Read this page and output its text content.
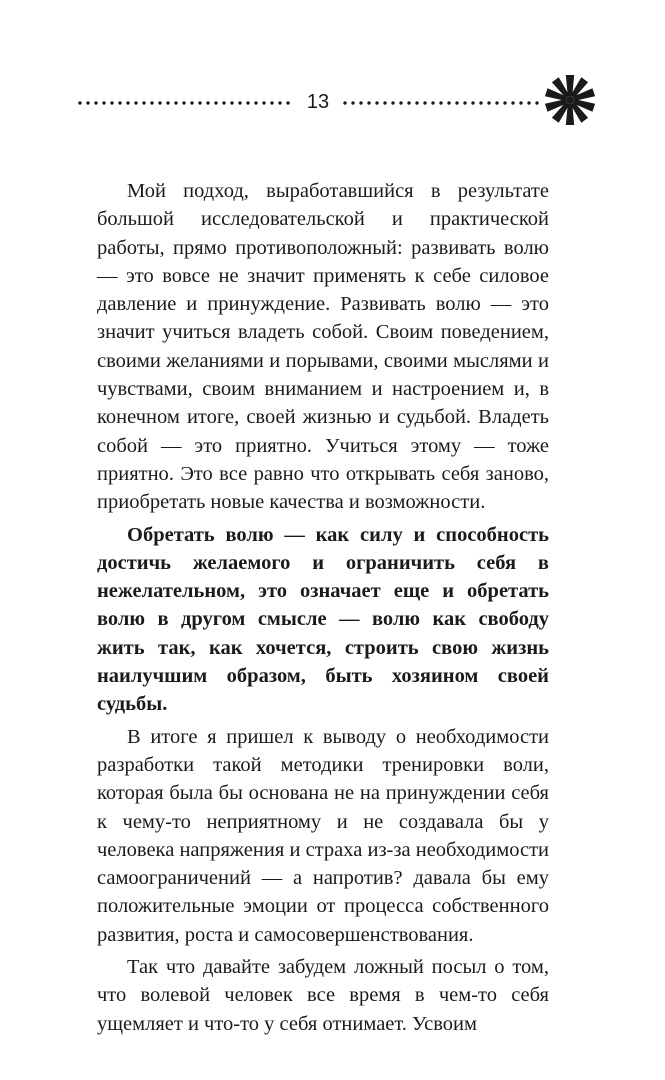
13

Мой подход, выработавшийся в результате большой исследовательской и практической работы, прямо противоположный: развивать волю — это вовсе не значит применять к себе силовое давление и принуждение. Развивать волю — это значит учиться владеть собой. Своим поведением, своими желаниями и порывами, своими мыслями и чувствами, своим вниманием и настроением и, в конечном итоге, своей жизнью и судьбой. Владеть собой — это приятно. Учиться этому — тоже приятно. Это все равно что открывать себя заново, приобретать новые качества и возможности.

Обретать волю — как силу и способность достичь желаемого и ограничить себя в нежелательном, это означает еще и обретать волю в другом смысле — волю как свободу жить так, как хочется, строить свою жизнь наилучшим образом, быть хозяином своей судьбы.

В итоге я пришел к выводу о необходимости разработки такой методики тренировки воли, которая была бы основана не на принуждении себя к чему-то неприятному и не создавала бы у человека напряжения и страха из-за необходимости самоограничений — а напротив? давала бы ему положительные эмоции от процесса собственного развития, роста и самосовершенствования.

Так что давайте забудем ложный посыл о том, что волевой человек все время в чем-то себя ущемляет и что-то у себя отнимает. Усвоим
